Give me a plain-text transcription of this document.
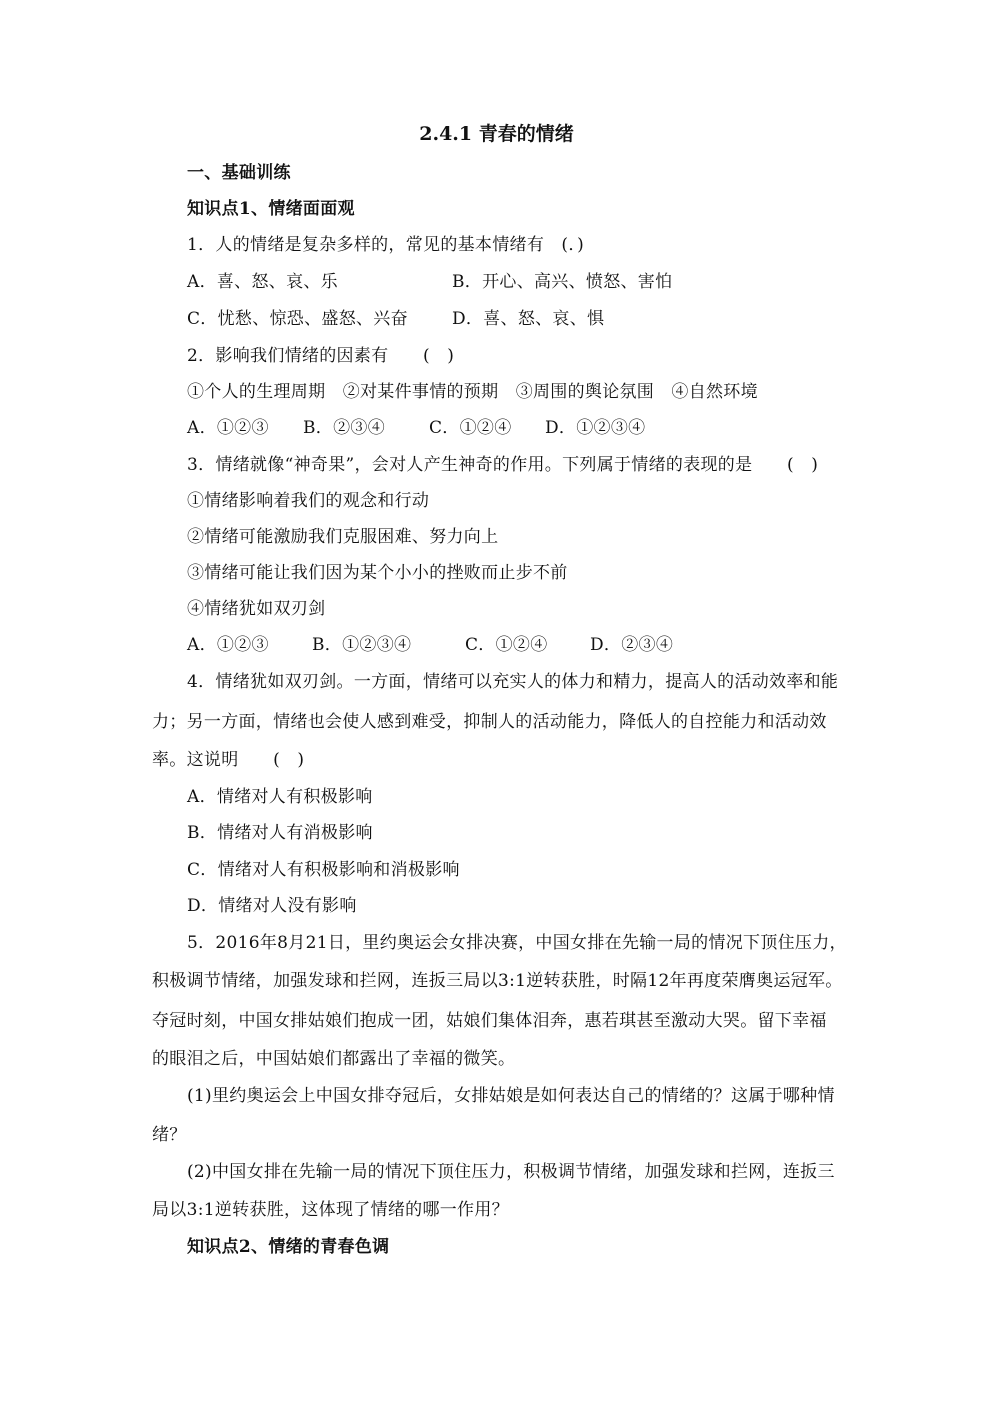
2.4.1 青春的情绪
一、基础训练
知识点1、情绪面面观
1．人的情绪是复杂多样的，常见的基本情绪有　(．)
A．喜、怒、哀、乐	B．开心、高兴、愤怒、害怕
C．忧愁、惊恐、盛怒、兴奋	D．喜、怒、哀、惧
2．影响我们情绪的因素有　　(　)
①个人的生理周期　②对某件事情的预期　③周围的舆论氛围　④自然环境
A．①②③ B．②③④	C．①②④ D．①②③④
3．情绪就像“神奇果”，会对人产生神奇的作用。下列属于情绪的表现的是　　(　)
①情绪影响着我们的观念和行动
②情绪可能激励我们克服困难、努力向上
③情绪可能让我们因为某个小小的挫败而止步不前
④情绪犹如双刃剑
A．①②③	B．①②③④	C．①②④ D．②③④
4．情绪犹如双刃剑。一方面，情绪可以充实人的体力和精力，提高人的活动效率和能
力；另一方面，情绪也会使人感到难受，抑制人的活动能力，降低人的自控能力和活动效
率。这说明　　(　)
A．情绪对人有积极影响
B．情绪对人有消极影响
C．情绪对人有积极影响和消极影响
D．情绪对人没有影响
5．2016年8月21日，里约奥运会女排决赛，中国女排在先输一局的情况下顶住压力，
积极调节情绪，加强发球和拦网，连扳三局以3:1逆转获胜，时隔12年再度荣膺奥运冠军。
夺冠时刻，中国女排姑娘们抱成一团，姑娘们集体泪奔，惠若琪甚至激动大哭。留下幸福
的眼泪之后，中国姑娘们都露出了幸福的微笑。
(1)里约奥运会上中国女排夺冠后，女排姑娘是如何表达自己的情绪的？这属于哪种情
绪？
(2)中国女排在先输一局的情况下顶住压力，积极调节情绪，加强发球和拦网，连扳三
局以3:1逆转获胜，这体现了情绪的哪一作用？
知识点2、情绪的青春色调
